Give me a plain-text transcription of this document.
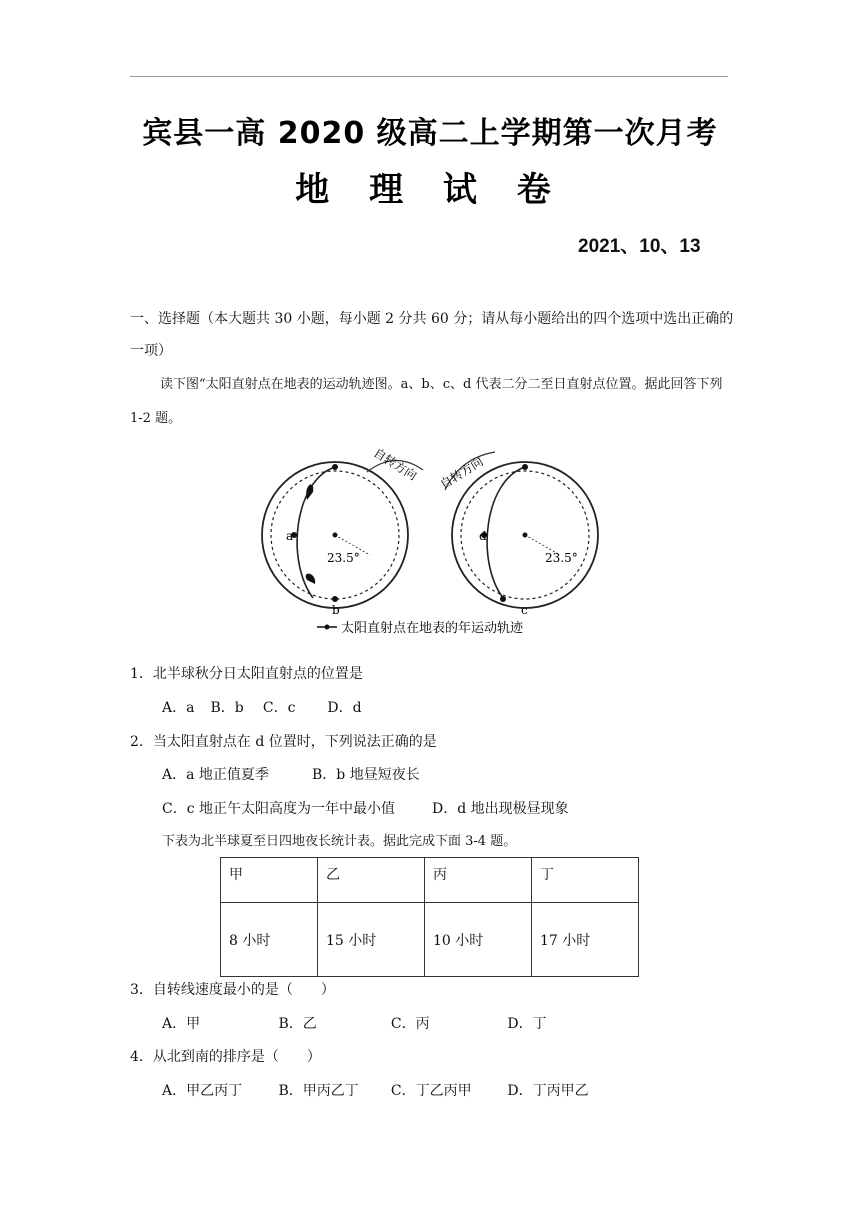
宾县一高 2020 级高二上学期第一次月考
地 理 试 卷
2021、10、13
一、选择题（本大题共 30 小题，每小题 2 分共 60 分；请从每小题给出的四个选项中选出正确的一项）
读下图“太阳直射点在地表的运动轨迹图。a、b、c、d 代表二分二至日直射点位置。据此回答下列 1-2 题。
a
b
23.5°
自转方向
d
c
23.5°
自转方向
太阳直射点在地表的年运动轨迹
1．北半球秋分日太阳直射点的位置是
A．a B．b C．c D．d
2．当太阳直射点在 d 位置时，下列说法正确的是
A．a 地正值夏季	B．b 地昼短夜长
C．c 地正午太阳高度为一年中最小值	D．d 地出现极昼现象
下表为北半球夏至日四地夜长统计表。据此完成下面 3-4 题。
甲	乙	丙	丁
8 小时	15 小时	10 小时	17 小时
3．自转线速度最小的是（　　）
A．甲	B．乙	C．丙	D．丁
4．从北到南的排序是（　　）
A．甲乙丙丁	B．甲丙乙丁 C．丁乙丙甲	D．丁丙甲乙
